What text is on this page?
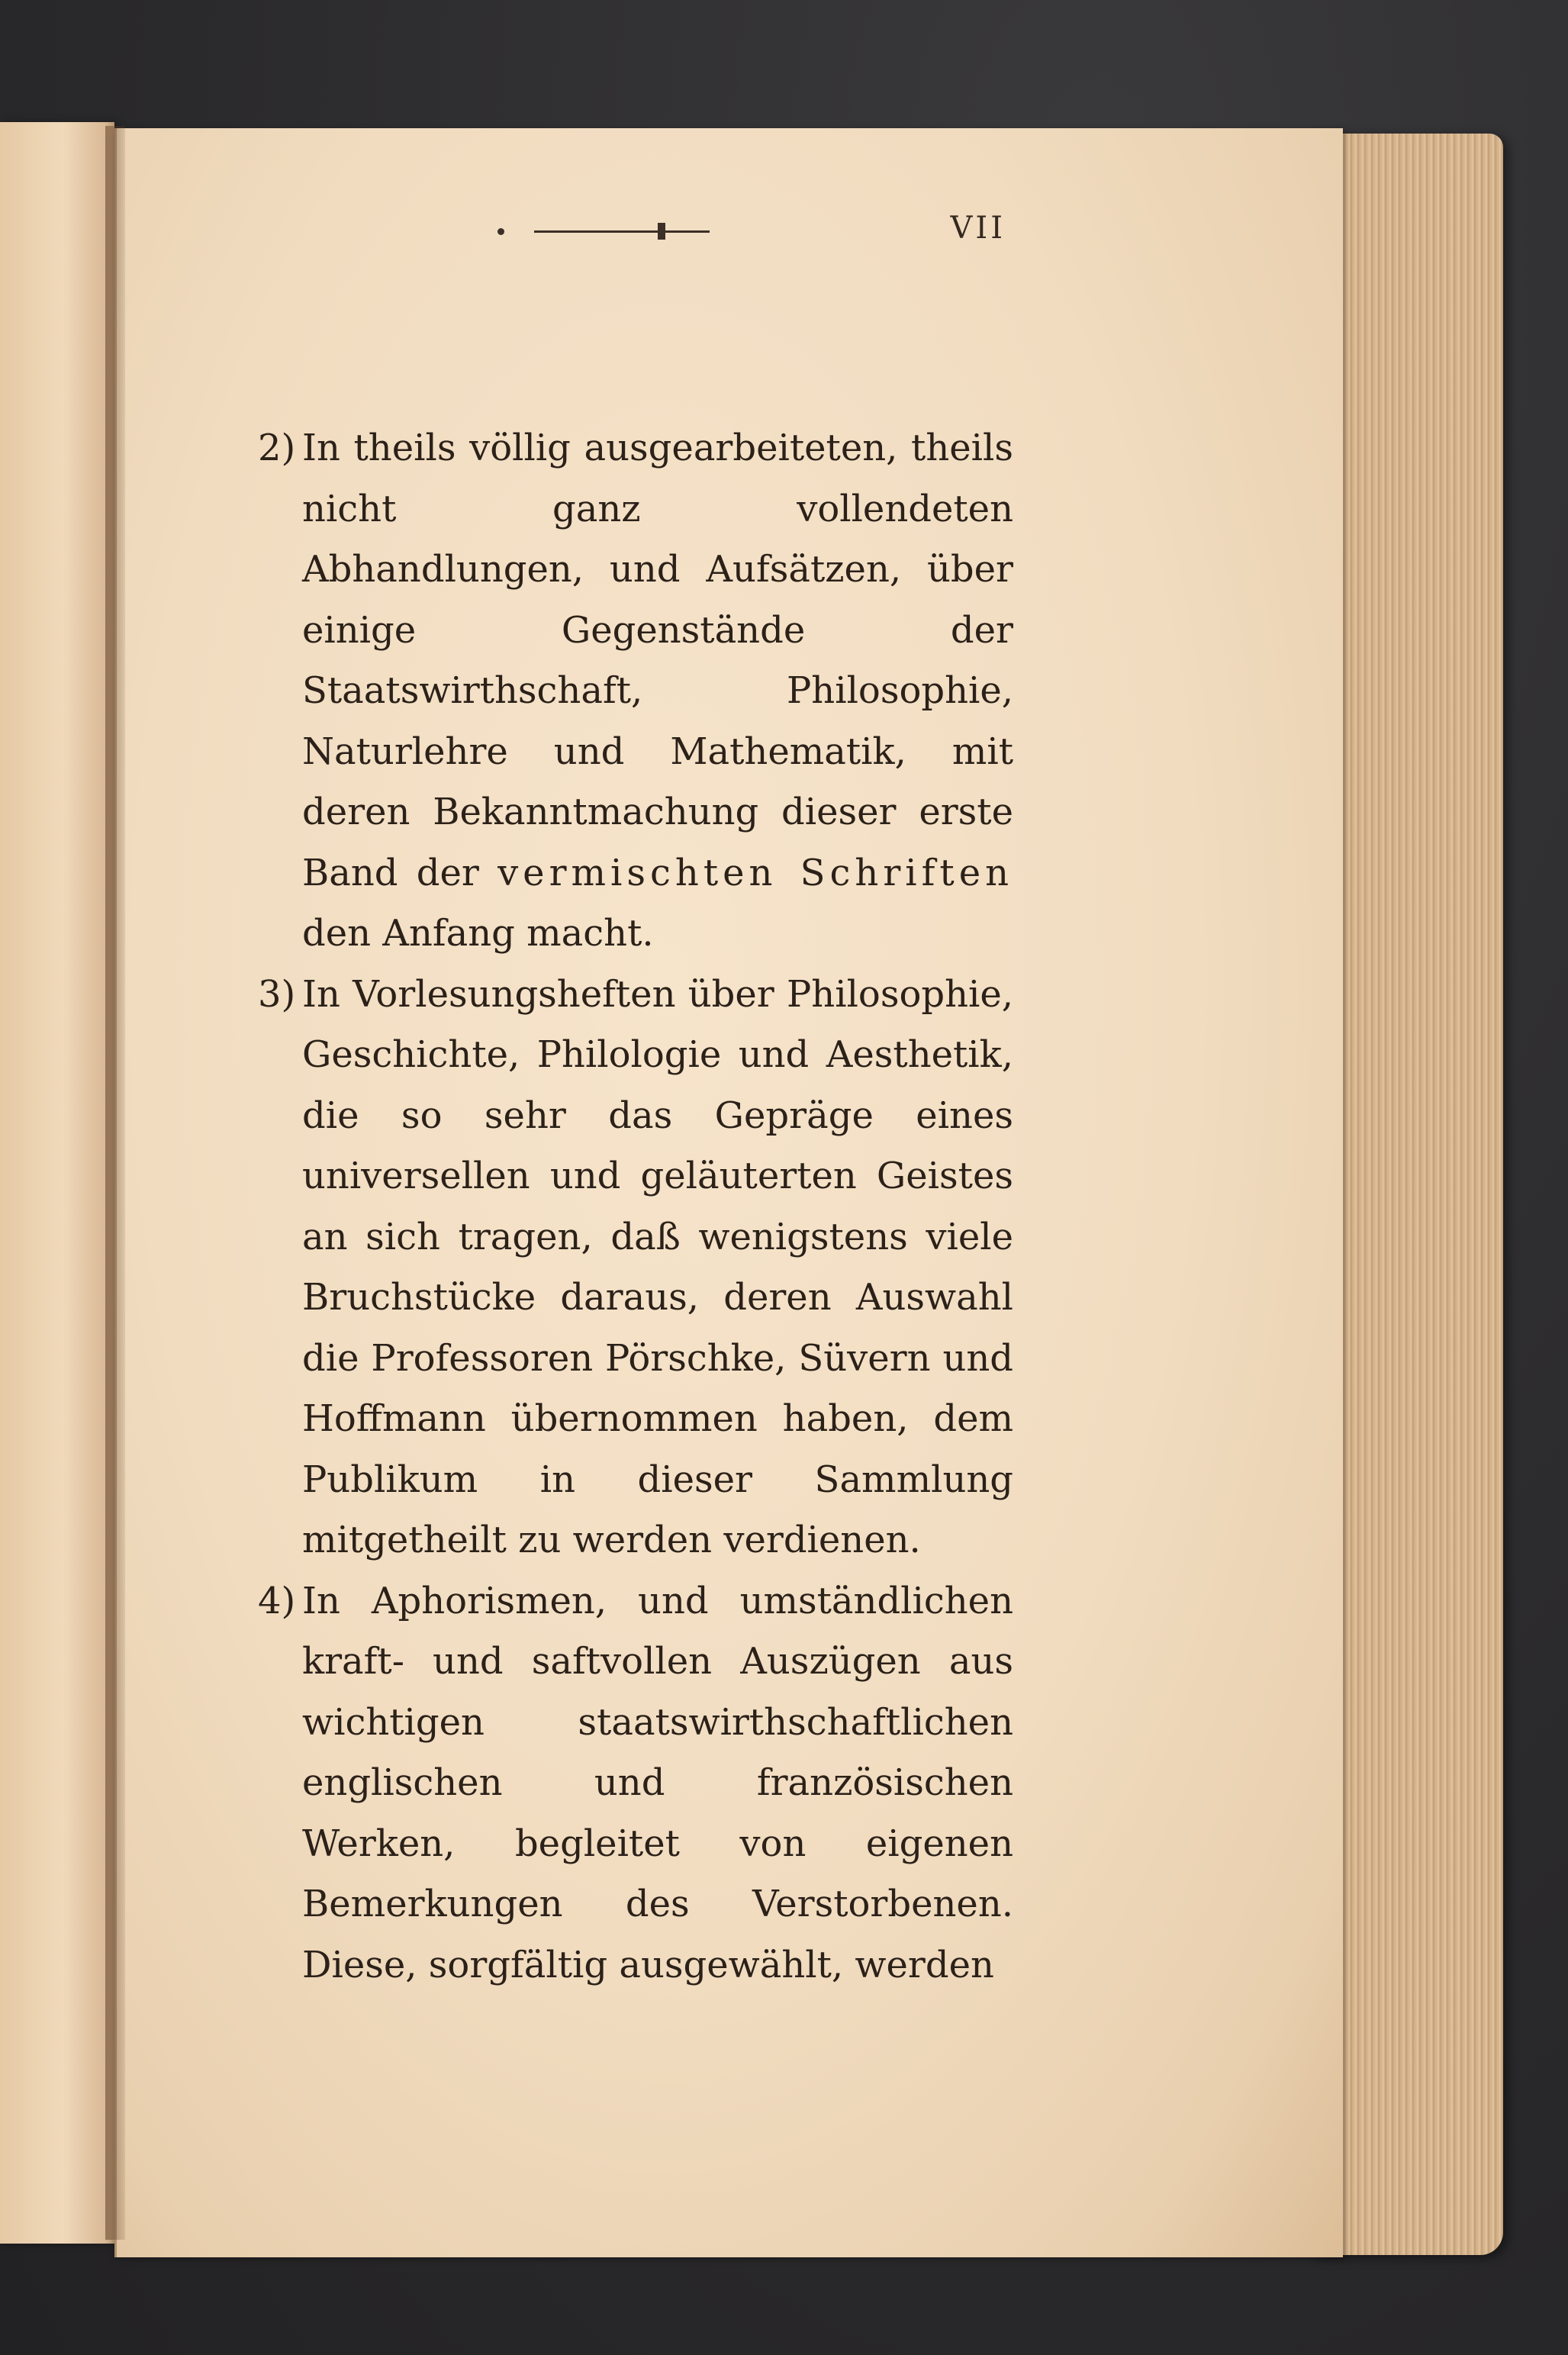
VII

2) In theils völlig ausgearbeiteten, theils nicht ganz vollendeten Abhandlungen, und Aufsätzen, über einige Gegenstände der Staatswirthschaft, Philosophie, Naturlehre und Mathematik, mit deren Bekanntmachung dieser erste Band der vermischten Schriften den Anfang macht.

3) In Vorlesungsheften über Philosophie, Geschichte, Philologie und Aesthetik, die so sehr das Gepräge eines universellen und geläuterten Geistes an sich tragen, daß wenigstens viele Bruchstücke daraus, deren Auswahl die Professoren Pörschke, Süvern und Hoffmann übernommen haben, dem Publikum in dieser Sammlung mitgetheilt zu werden verdienen.

4) In Aphorismen, und umständlichen kraft- und saftvollen Auszügen aus wichtigen staatswirthschaftlichen englischen und französischen Werken, begleitet von eigenen Bemerkungen des Verstorbenen. Diese, sorgfältig ausgewählt, werden
